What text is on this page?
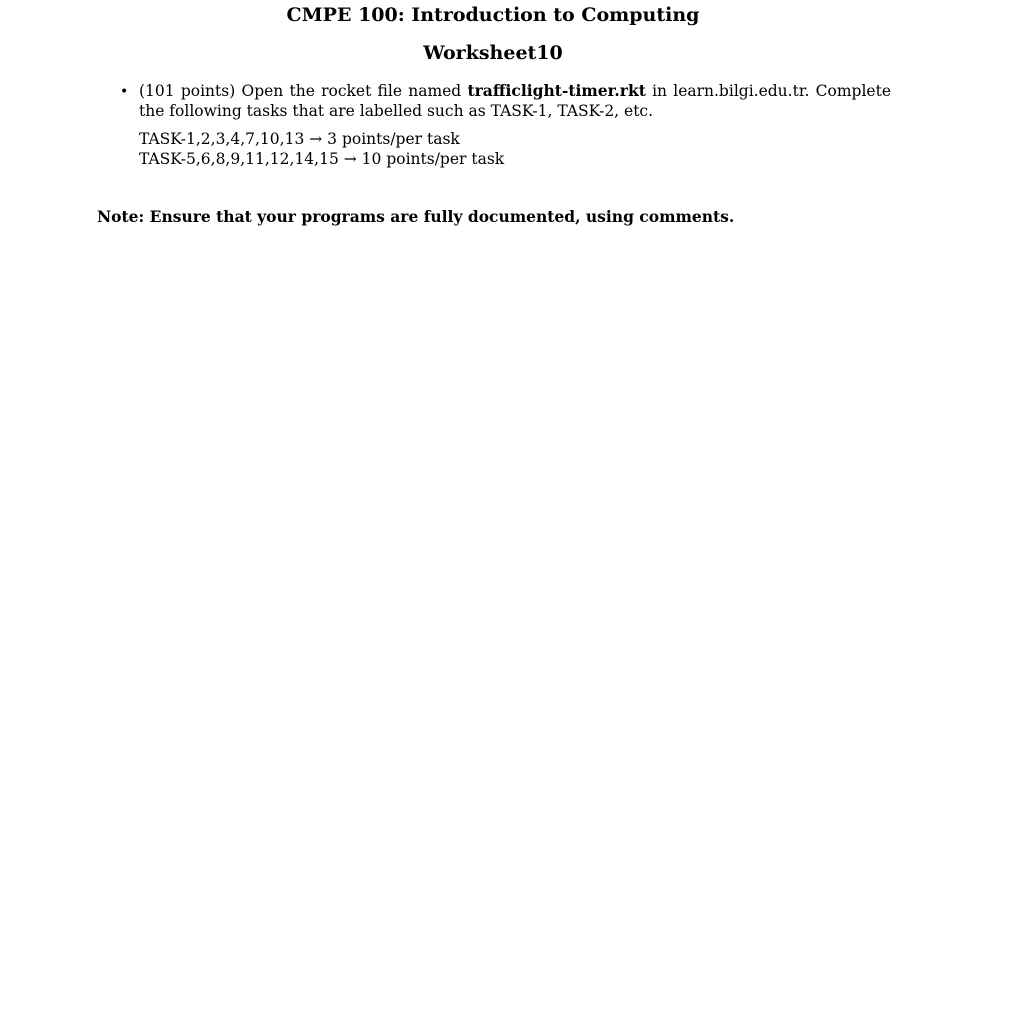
CMPE 100: Introduction to Computing
Worksheet10
• (101 points) Open the rocket file named trafficlight-timer.rkt in learn.bilgi.edu.tr. Complete the following tasks that are labelled such as TASK-1, TASK-2, etc.
TASK-1,2,3,4,7,10,13 → 3 points/per task
TASK-5,6,8,9,11,12,14,15 → 10 points/per task
Note: Ensure that your programs are fully documented, using comments.
